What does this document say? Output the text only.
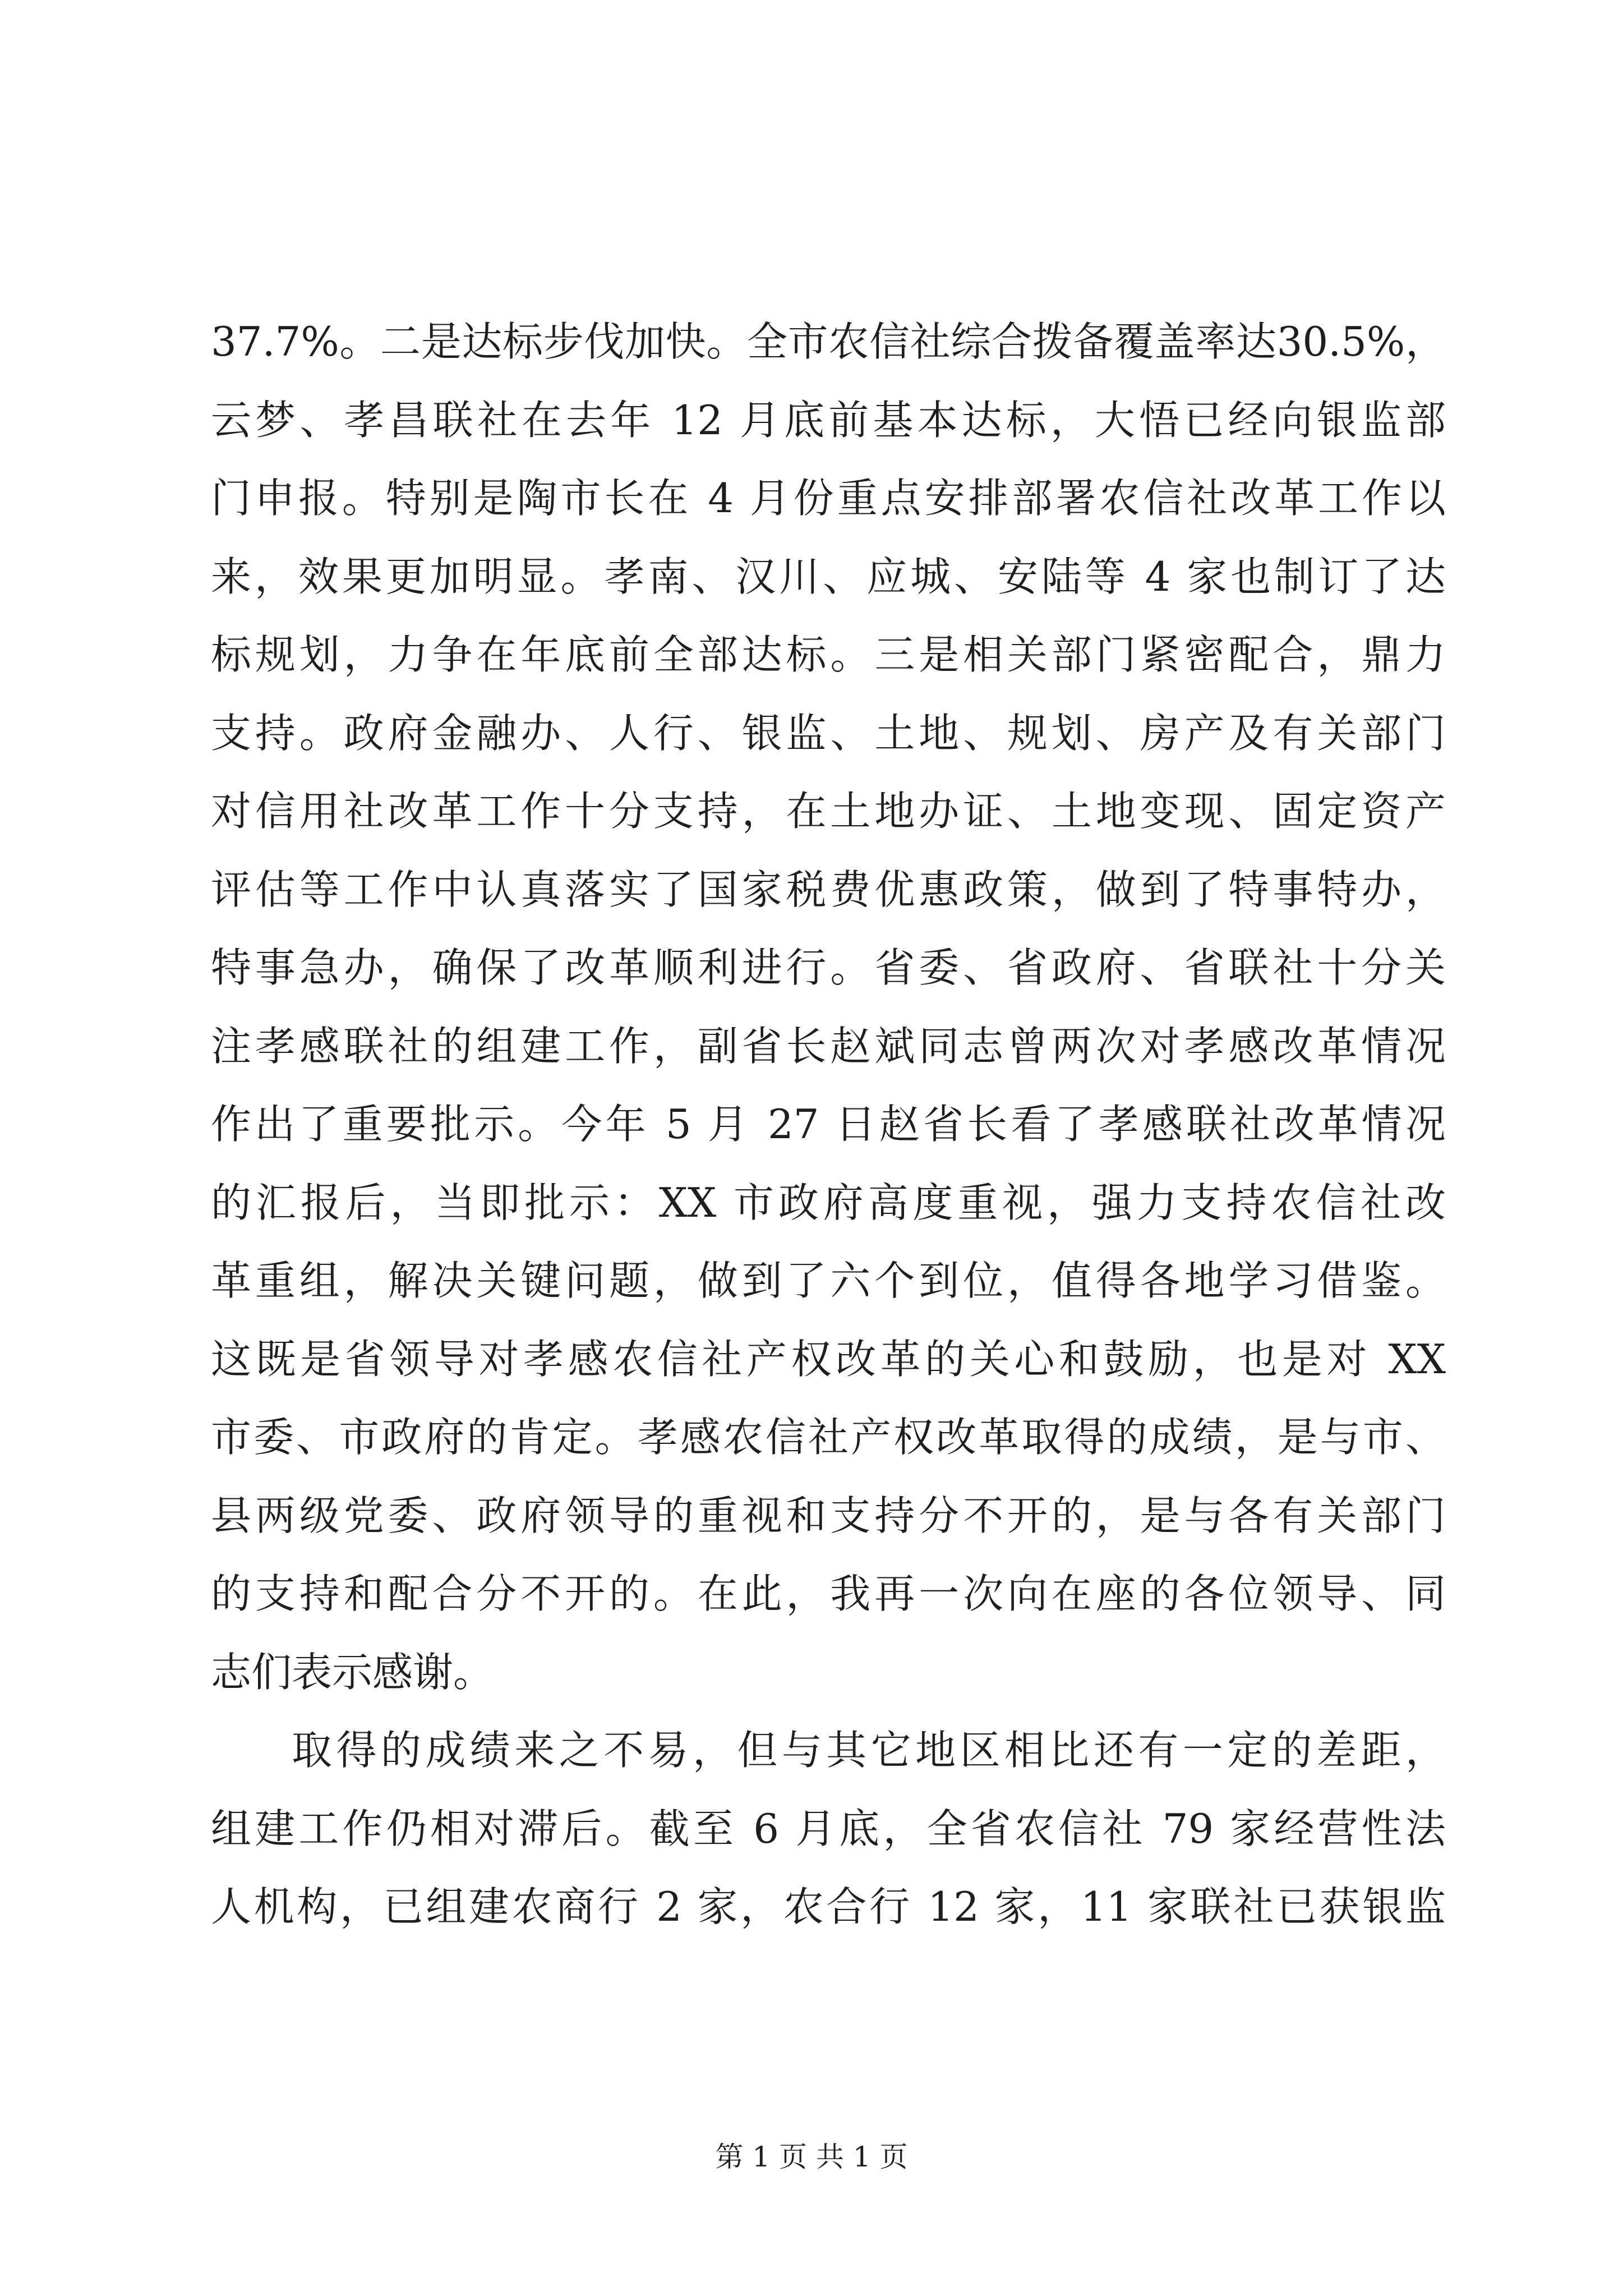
37.7%。二是达标步伐加快。全市农信社综合拨备覆盖率达30.5%，
云梦、孝昌联社在去年 12 月底前基本达标，大悟已经向银监部
门申报。特别是陶市长在 4 月份重点安排部署农信社改革工作以
来，效果更加明显。孝南、汉川、应城、安陆等 4 家也制订了达
标规划，力争在年底前全部达标。三是相关部门紧密配合，鼎力
支持。政府金融办、人行、银监、土地、规划、房产及有关部门
对信用社改革工作十分支持，在土地办证、土地变现、固定资产
评估等工作中认真落实了国家税费优惠政策，做到了特事特办，
特事急办，确保了改革顺利进行。省委、省政府、省联社十分关
注孝感联社的组建工作，副省长赵斌同志曾两次对孝感改革情况
作出了重要批示。今年 5 月 27 日赵省长看了孝感联社改革情况
的汇报后，当即批示：XX 市政府高度重视，强力支持农信社改
革重组，解决关键问题，做到了六个到位，值得各地学习借鉴。
这既是省领导对孝感农信社产权改革的关心和鼓励，也是对 XX
市委、市政府的肯定。孝感农信社产权改革取得的成绩，是与市、
县两级党委、政府领导的重视和支持分不开的，是与各有关部门
的支持和配合分不开的。在此，我再一次向在座的各位领导、同
志们表示感谢。
取得的成绩来之不易，但与其它地区相比还有一定的差距，
组建工作仍相对滞后。截至 6 月底，全省农信社 79 家经营性法
人机构，已组建农商行 2 家，农合行 12 家，11 家联社已获银监
第 1 页 共 1 页
